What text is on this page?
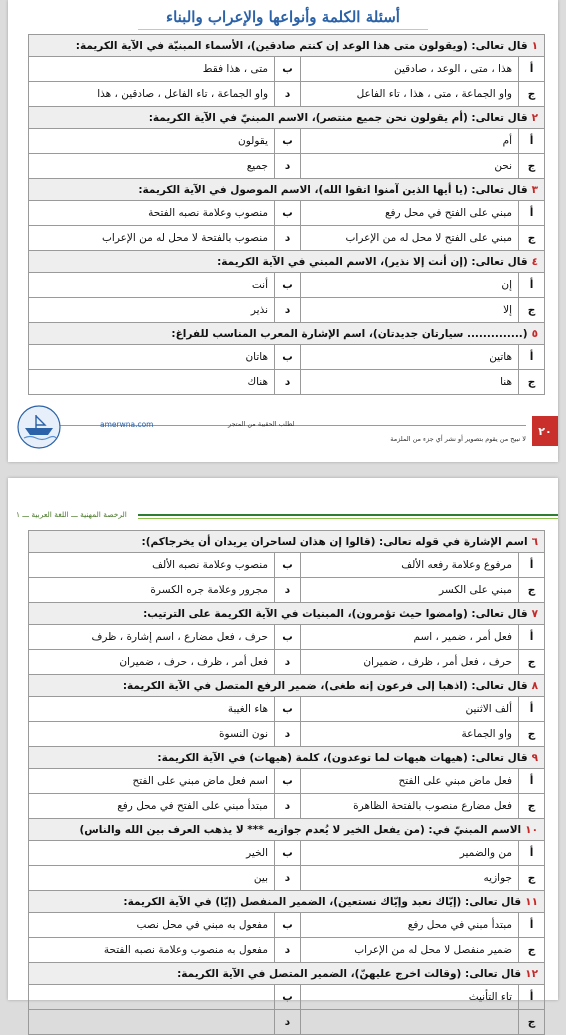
أسئلة الكلمة وأنواعها والإعراب والبناء
١قال تعالى: (ويقولون متى هذا الوعد إن كنتم صادقين)، الأسماء المبنيّة في الآية الكريمة:			
أ	هذا ، متى ، الوعد ، صادقين	ب	متى ، هذا فقط
ج	واو الجماعة ، متى ، هذا ، تاء الفاعل	د	واو الجماعة ، تاء الفاعل ، صادقين ، هذا
٢قال تعالى: (أم يقولون نحن جميع منتصر)، الاسم المبنيّ في الآية الكريمة:			
أ	أم	ب	يقولون
ج	نحن	د	جميع
٣قال تعالى: (يا أيها الذين آمنوا اتقوا الله)، الاسم الموصول في الآية الكريمة:			
أ	مبني على الفتح في محل رفع	ب	منصوب وعلامة نصبه الفتحة
ج	مبني على الفتح لا محل له من الإعراب	د	منصوب بالفتحة لا محل له من الإعراب
٤قال تعالى: (إن أنت إلا نذير)، الاسم المبني في الآية الكريمة:			
أ	إن	ب	أنت
ج	إلا	د	نذير
٥(.............. سيارتان جديدتان)، اسم الإشارة المعرب المناسب للفراغ:			
أ	هاتين	ب	هاتان
ج	هنا	د	هناك
٢٠
لا نبيح من يقوم بتصوير أو نشر أي جزء من الملزمة
لطلب الحقيبة من المتجر
amerwna.com
الرخصة المهنية ـــ اللغة العربية ـــ ١
٦اسم الإشارة في قوله تعالى: (قالوا إن هذان لساحران يريدان أن يخرجاكم):			
أ	مرفوع وعلامة رفعه الألف	ب	منصوب وعلامة نصبه الألف
ج	مبني على الكسر	د	مجرور وعلامة جره الكسرة
٧قال تعالى: (وامضوا حيث تؤمرون)، المبنيات في الآية الكريمة على الترتيب:			
أ	فعل أمر ، ضمير ، اسم	ب	حرف ، فعل مضارع ، اسم إشارة ، ظرف
ج	حرف ، فعل أمر ، ظرف ، ضميران	د	فعل أمر ، ظرف ، حرف ، ضميران
٨قال تعالى: (اذهبا إلى فرعون إنه طغى)، ضمير الرفع المتصل في الآية الكريمة:			
أ	ألف الاثنين	ب	هاء الغيبة
ج	واو الجماعة	د	نون النسوة
٩قال تعالى: (هيهات هيهات لما توعدون)، كلمة (هيهات) في الآية الكريمة:			
أ	فعل ماض مبني على الفتح	ب	اسم فعل ماض مبني على الفتح
ج	فعل مضارع منصوب بالفتحة الظاهرة	د	مبتدأ مبني على الفتح في محل رفع
١٠الاسم المبنيّ في: (من يفعل الخير لا يُعدم جوازيه *** لا يذهب العرف بين الله والناس)			
أ	من والضمير	ب	الخير
ج	جوازيه	د	بين
١١قال تعالى: (إيّاك نعبد وإيّاك نستعين)، الضمير المنفصل (إيّا) في الآية الكريمة:			
أ	مبتدأ مبني في محل رفع	ب	مفعول به مبني في محل نصب
ج	ضمير منفصل لا محل له من الإعراب	د	مفعول به منصوب وعلامة نصبه الفتحة
١٢قال تعالى: (وقالت اخرج عليهنّ)، الضمير المتصل في الآية الكريمة:			
أ	تاء التأنيث	ب	
ج		د	
